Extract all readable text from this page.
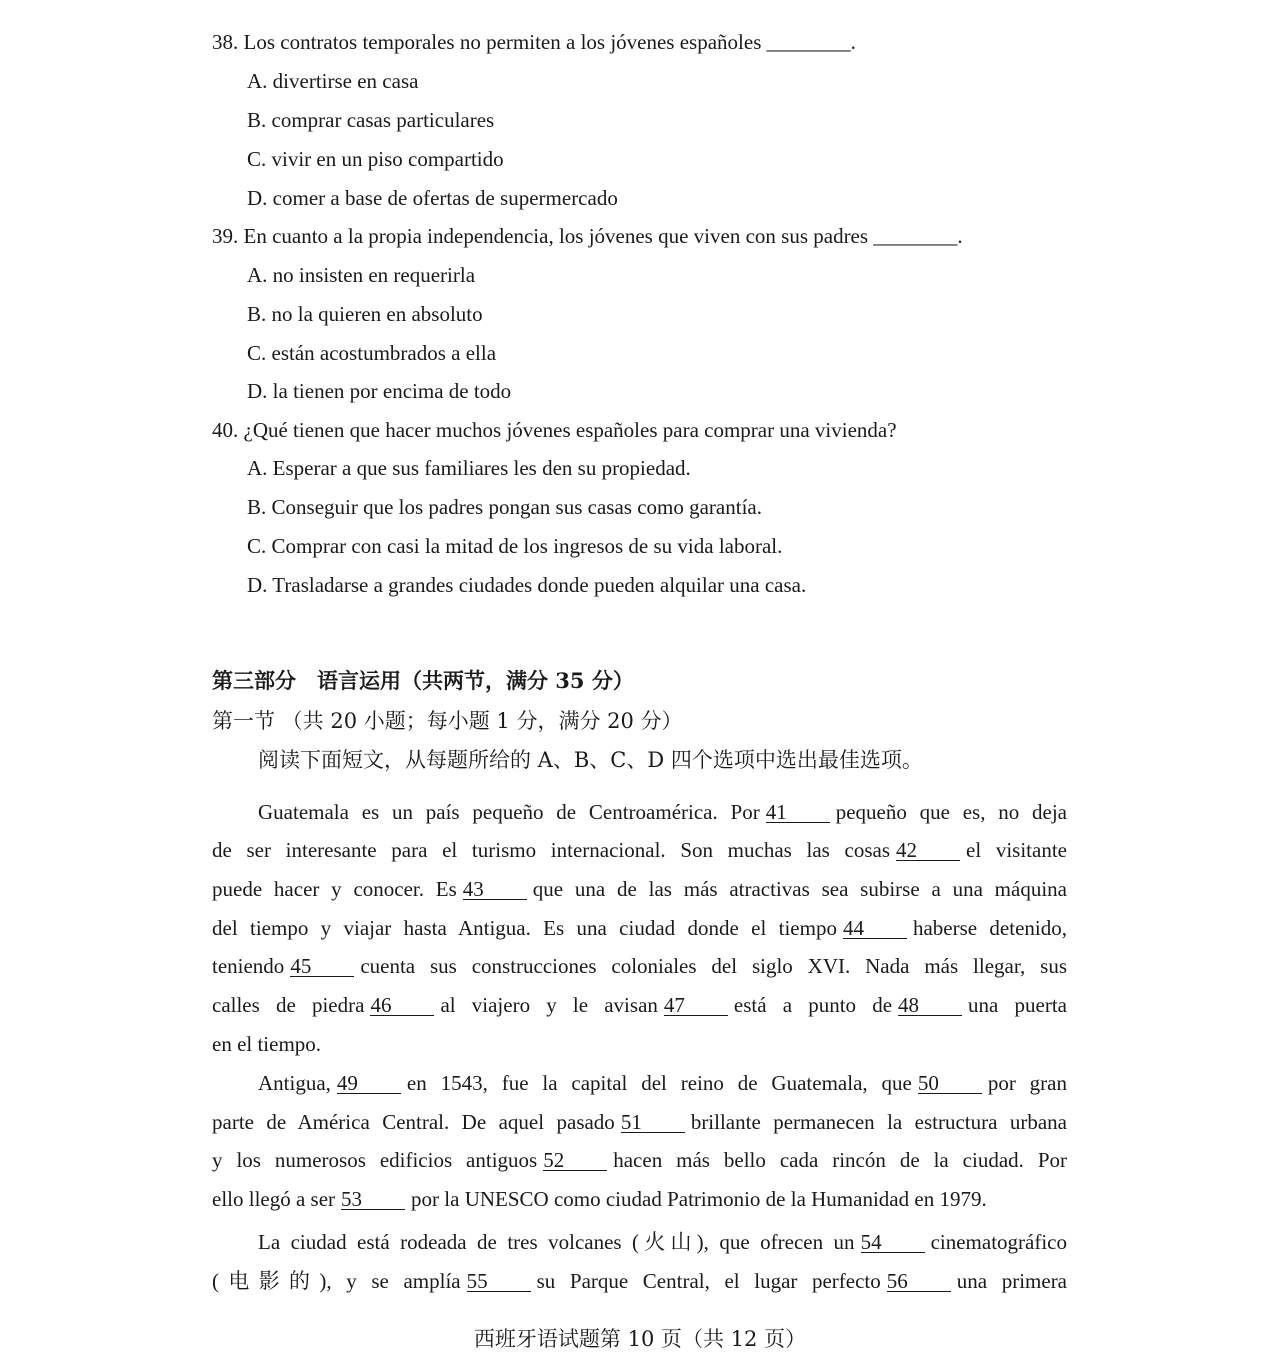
38. Los contratos temporales no permiten a los jóvenes españoles ________.
A. divertirse en casa
B. comprar casas particulares
C. vivir en un piso compartido
D. comer a base de ofertas de supermercado
39. En cuanto a la propia independencia, los jóvenes que viven con sus padres ________.
A. no insisten en requerirla
B. no la quieren en absoluto
C. están acostumbrados a ella
D. la tienen por encima de todo
40. ¿Qué tienen que hacer muchos jóvenes españoles para comprar una vivienda?
A. Esperar a que sus familiares les den su propiedad.
B. Conseguir que los padres pongan sus casas como garantía.
C. Comprar con casi la mitad de los ingresos de su vida laboral.
D. Trasladarse a grandes ciudades donde pueden alquilar una casa.
第三部分　语言运用（共两节，满分 35 分）
第一节 （共 20 小题；每小题 1 分，满分 20 分）
阅读下面短文，从每题所给的 A、B、C、D 四个选项中选出最佳选项。
Guatemala es un país pequeño de Centroamérica. Por 41 pequeño que es, no deja
de ser interesante para el turismo internacional. Son muchas las cosas 42 el visitante
puede hacer y conocer. Es 43 que una de las más atractivas sea subirse a una máquina
del tiempo y viajar hasta Antigua. Es una ciudad donde el tiempo 44 haberse detenido,
teniendo 45 cuenta sus construcciones coloniales del siglo XVI. Nada más llegar, sus
calles de piedra 46 al viajero y le avisan 47 está a punto de 48 una puerta
en el tiempo.
Antigua, 49 en 1543, fue la capital del reino de Guatemala, que 50 por gran
parte de América Central. De aquel pasado 51 brillante permanecen la estructura urbana
y los numerosos edificios antiguos 52 hacen más bello cada rincón de la ciudad. Por
ello llegó a ser 53 por la UNESCO como ciudad Patrimonio de la Humanidad en 1979.
La ciudad está rodeada de tres volcanes (火山), que ofrecen un 54 cinematográfico
(电影的), y se amplía 55 su Parque Central, el lugar perfecto 56 una primera
西班牙语试题第 10 页（共 12 页）
